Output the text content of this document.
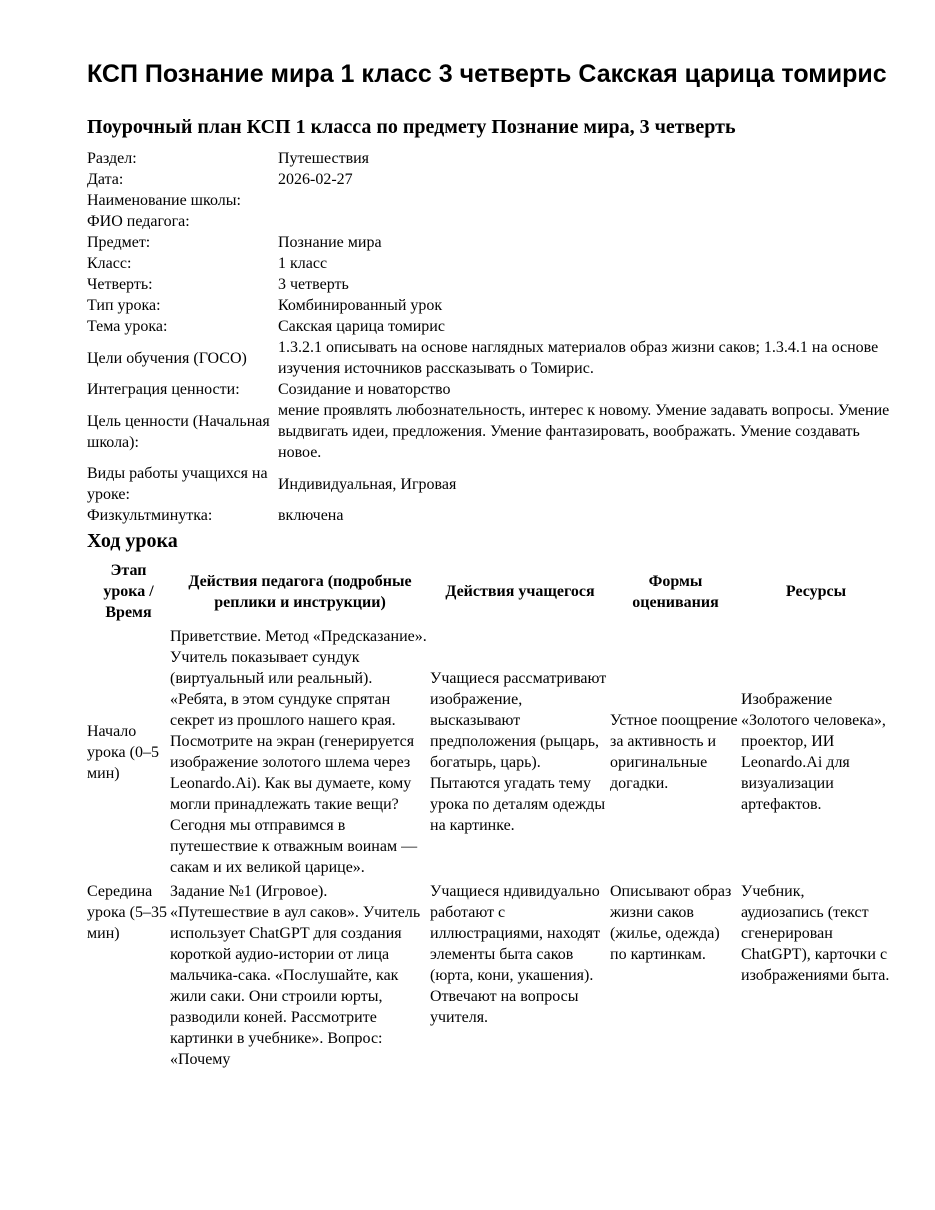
КСП Познание мира 1 класс 3 четверть Сакская царица томирис
Поурочный план КСП 1 класса по предмету Познание мира, 3 четверть
Раздел:	Путешествия
Дата:	2026-02-27
Наименование школы:	
ФИО педагога:	
Предмет:	Познание мира
Класс:	1 класс
Четверть:	3 четверть
Тип урока:	Комбинированный урок
Тема урока:	Сакская царица томирис
Цели обучения (ГОСО)	1.3.2.1 описывать на основе наглядных материалов образ жизни саков; 1.3.4.1 на основе изучения источников рассказывать о Томирис.
Интеграция ценности:	Созидание и новаторство
Цель ценности (Начальная школа):	мение проявлять любознательность, интерес к новому. Умение задавать вопросы. Умение выдвигать идеи, предложения. Умение фантазировать, воображать. Умение создавать новое.
Виды работы учащихся на уроке:	Индивидуальная, Игровая
Физкультминутка:	включена
Ход урока
Этап урока / Время	Действия педагога (подробные реплики и инструкции)	Действия учащегося	Формы оценивания	Ресурсы
Начало урока (0–5 мин)	Приветствие. Метод «Предсказание». Учитель показывает сундук (виртуальный или реальный). «Ребята, в этом сундуке спрятан секрет из прошлого нашего края. Посмотрите на экран (генерируется изображение золотого шлема через Leonardo.Ai). Как вы думаете, кому могли принадлежать такие вещи? Сегодня мы отправимся в путешествие к отважным воинам — сакам и их великой царице».	Учащиеся рассматривают изображение, высказывают предположения (рыцарь, богатырь, царь). Пытаются угадать тему урока по деталям одежды на картинке.	Устное поощрение за активность и оригинальные догадки.	Изображение «Золотого человека», проектор, ИИ Leonardo.Ai для визуализации артефактов.
Середина урока (5–35 мин)	Задание №1 (Игровое). «Путешествие в аул саков». Учитель использует ChatGPT для создания короткой аудио-истории от лица мальчика-сака. «Послушайте, как жили саки. Они строили юрты, разводили коней. Рассмотрите картинки в учебнике». Вопрос: «Почему	Учащиеся ндивидуально работают с иллюстрациями, находят элементы быта саков (юрта, кони, укашения). Отвечают на вопросы учителя.	Описывают образ жизни саков (жилье, одежда) по картинкам.	Учебник, аудиозапись (текст сгенерирован ChatGPT), карточки с изображениями быта.
